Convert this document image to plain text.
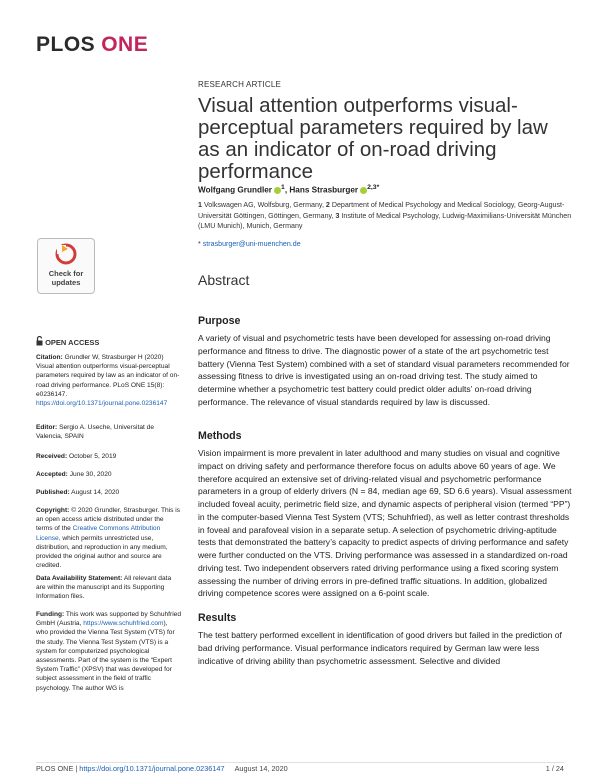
PLOS ONE
RESEARCH ARTICLE
Visual attention outperforms visual-perceptual parameters required by law as an indicator of on-road driving performance
Wolfgang Grundler $^1$, Hans Strasburger $^{2,3*}$
1 Volkswagen AG, Wolfsburg, Germany, 2 Department of Medical Psychology and Medical Sociology, Georg-August-Universität Göttingen, Göttingen, Germany, 3 Institute of Medical Psychology, Ludwig-Maximilians-Universität München (LMU Munich), Munich, Germany
* strasburger@uni-muenchen.de
Check for
updates
OPEN ACCESS
Citation: Grundler W, Strasburger H (2020) Visual attention outperforms visual-perceptual parameters required by law as an indicator of on-road driving performance. PLoS ONE 15(8): e0236147. https://doi.org/10.1371/journal.pone.0236147
Editor: Sergio A. Useche, Universitat de Valencia, SPAIN
Received: October 5, 2019
Accepted: June 30, 2020
Published: August 14, 2020
Copyright: © 2020 Grundler, Strasburger. This is an open access article distributed under the terms of the Creative Commons Attribution License, which permits unrestricted use, distribution, and reproduction in any medium, provided the original author and source are credited.
Data Availability Statement: All relevant data are within the manuscript and its Supporting Information files.
Funding: This work was supported by Schuhfried GmbH (Austria, https://www.schuhfried.com), who provided the Vienna Test System (VTS) for the study. The Vienna Test System (VTS) is a system for computerized psychological assessments. Part of the system is the “Expert System Traffic” (XPSV) that was developed for subject assessment in the field of traffic psychology. The author WG is
Abstract
Purpose
A variety of visual and psychometric tests have been developed for assessing on-road driving performance and fitness to drive. The diagnostic power of a state of the art psychometric test battery (Vienna Test System) combined with a set of standard visual parameters recommended for assessing fitness to drive is investigated using an on-road driving test. The study aimed to determine whether a psychometric test battery could predict older adults’ on-road driving performance. The relevance of visual standards required by law is discussed.
Methods
Vision impairment is more prevalent in later adulthood and many studies on visual and cognitive impact on driving safety and performance therefore focus on adults above 60 years of age. We therefore acquired an extensive set of driving-related visual and psychometric performance parameters in a group of elderly drivers (N = 84, median age 69, SD 6.6 years). Visual assessment included foveal acuity, perimetric field size, and dynamic aspects of peripheral vision (termed “PP”) in the computer-based Vienna Test System (VTS; Schuhfried), as well as letter contrast thresholds in foveal and parafoveal vision in a separate setup. A selection of psychometric driving-aptitude tests that demonstrated the battery’s capacity to predict aspects of driving performance and safety were further conducted on the VTS. Driving performance was assessed in a standardized on-road driving test. Two independent observers rated driving performance using a fixed scoring system assessing the number of driving errors in pre-defined traffic situations. In addition, globalized driving competence scores were assigned on a 6-point scale.
Results
The test battery performed excellent in identification of good drivers but failed in the prediction of bad driving performance. Visual performance indicators required by German law were less indicative of driving ability than psychometric assessment. Selective and divided
PLOS ONE | https://doi.org/10.1371/journal.pone.0236147 August 14, 2020	1 / 24
